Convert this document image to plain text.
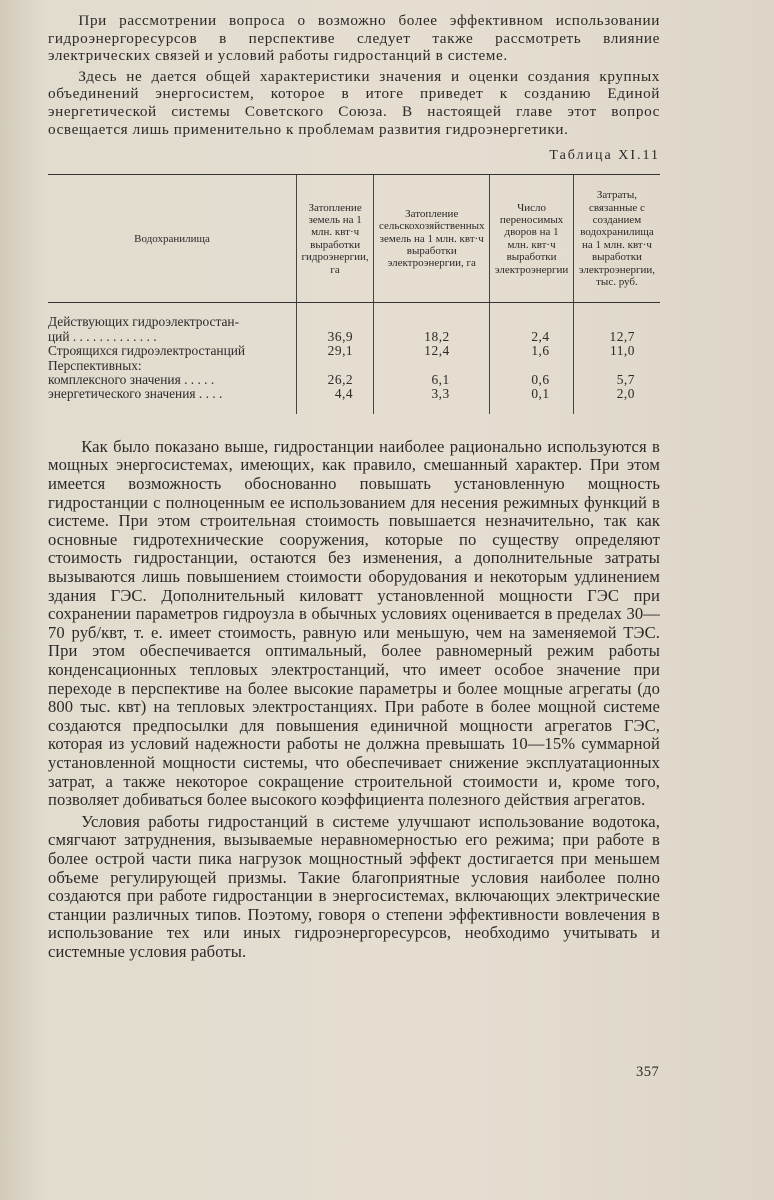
При рассмотрении вопроса о возможно более эффективном использовании гидроэнергоресурсов в перспективе следует также рассмотреть влияние электрических связей и условий работы гидростанций в системе.

Здесь не дается общей характеристики значения и оценки создания крупных объединений энергосистем, которое в итоге приведет к созданию Единой энергетической системы Советского Союза. В настоящей главе этот вопрос освещается лишь применительно к проблемам развития гидроэнергетики.

Таблица XI.11
Водохранилища	Затопление земель на 1 млн. квт·ч выработки гидроэнергии, га	Затопление сельскохозяйственных земель на 1 млн. квт·ч выработки электроэнергии, га	Число переносимых дворов на 1 млн. квт·ч выработки электроэнергии	Затраты, связанные с созданием водохранилища на 1 млн. квт·ч выработки электроэнергии, тыс. руб.

Действующих гидроэлектростан-				
ций . . . . . . . . . . . . .	36,9	18,2	2,4	12,7
Строящихся гидроэлектростанций	29,1	12,4	1,6	11,0
Перспективных:				
комплексного значения . . . . .	26,2	6,1	0,6	5,7
энергетического значения . . . .	4,4	3,3	0,1	2,0

Как было показано выше, гидростанции наиболее рационально используются в мощных энергосистемах, имеющих, как правило, смешанный характер. При этом имеется возможность обоснованно повышать установленную мощность гидростанции с полноценным ее использованием для несения режимных функций в системе. При этом строительная стоимость повышается незначительно, так как основные гидротехнические сооружения, которые по существу определяют стоимость гидростанции, остаются без изменения, а дополнительные затраты вызываются лишь повышением стоимости оборудования и некоторым удлинением здания ГЭС. Дополнительный киловатт установленной мощности ГЭС при сохранении параметров гидроузла в обычных условиях оценивается в пределах 30—70 руб/квт, т. е. имеет стоимость, равную или меньшую, чем на заменяемой ТЭС. При этом обеспечивается оптимальный, более равномерный режим работы конденсационных тепловых электростанций, что имеет особое значение при переходе в перспективе на более высокие параметры и более мощные агрегаты (до 800 тыс. квт) на тепловых электростанциях. При работе в более мощной системе создаются предпосылки для повышения единичной мощности агрегатов ГЭС, которая из условий надежности работы не должна превышать 10—15% суммарной установленной мощности системы, что обеспечивает снижение эксплуатационных затрат, а также некоторое сокращение строительной стоимости и, кроме того, позволяет добиваться более высокого коэффициента полезного действия агрегатов.

Условия работы гидростанций в системе улучшают использование водотока, смягчают затруднения, вызываемые неравномерностью его режима; при работе в более острой части пика нагрузок мощностный эффект достигается при меньшем объеме регулирующей призмы. Такие благоприятные условия наиболее полно создаются при работе гидростанции в энергосистемах, включающих электрические станции различных типов. Поэтому, говоря о степени эффективности вовлечения в использование тех или иных гидроэнергоресурсов, необходимо учитывать и системные условия работы.

357
